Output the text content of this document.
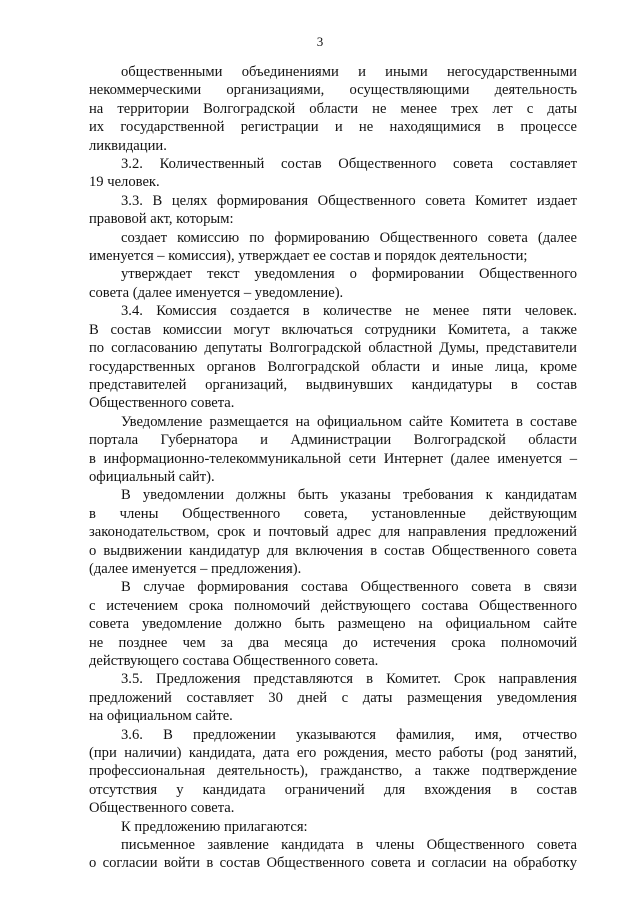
3
общественными объединениями и иными негосударственными
некоммерческими организациями, осуществляющими деятельность
на территории Волгоградской области не менее трех лет с даты
их государственной регистрации и не находящимися в процессе
ликвидации.
3.2. Количественный состав Общественного совета составляет
19 человек.
3.3. В целях формирования Общественного совета Комитет издает
правовой акт, которым:
создает комиссию по формированию Общественного совета (далее
именуется – комиссия), утверждает ее состав и порядок деятельности;
утверждает текст уведомления о формировании Общественного
совета (далее именуется – уведомление).
3.4. Комиссия создается в количестве не менее пяти человек.
В состав комиссии могут включаться сотрудники Комитета, а также
по согласованию депутаты Волгоградской областной Думы, представители
государственных органов Волгоградской области и иные лица, кроме
представителей организаций, выдвинувших кандидатуры в состав
Общественного совета.
Уведомление размещается на официальном сайте Комитета в составе
портала Губернатора и Администрации Волгоградской области
в информационно-телекоммуникальной сети Интернет (далее именуется –
официальный сайт).
В уведомлении должны быть указаны требования к кандидатам
в члены Общественного совета, установленные действующим
законодательством, срок и почтовый адрес для направления предложений
о выдвижении кандидатур для включения в состав Общественного совета
(далее именуется – предложения).
В случае формирования состава Общественного совета в связи
с истечением срока полномочий действующего состава Общественного
совета уведомление должно быть размещено на официальном сайте
не позднее чем за два месяца до истечения срока полномочий
действующего состава Общественного совета.
3.5. Предложения представляются в Комитет. Срок направления
предложений составляет 30 дней с даты размещения уведомления
на официальном сайте.
3.6. В предложении указываются фамилия, имя, отчество
(при наличии) кандидата, дата его рождения, место работы (род занятий,
профессиональная деятельность), гражданство, а также подтверждение
отсутствия у кандидата ограничений для вхождения в состав
Общественного совета.
К предложению прилагаются:
письменное заявление кандидата в члены Общественного совета
о согласии войти в состав Общественного совета и согласии на обработку
